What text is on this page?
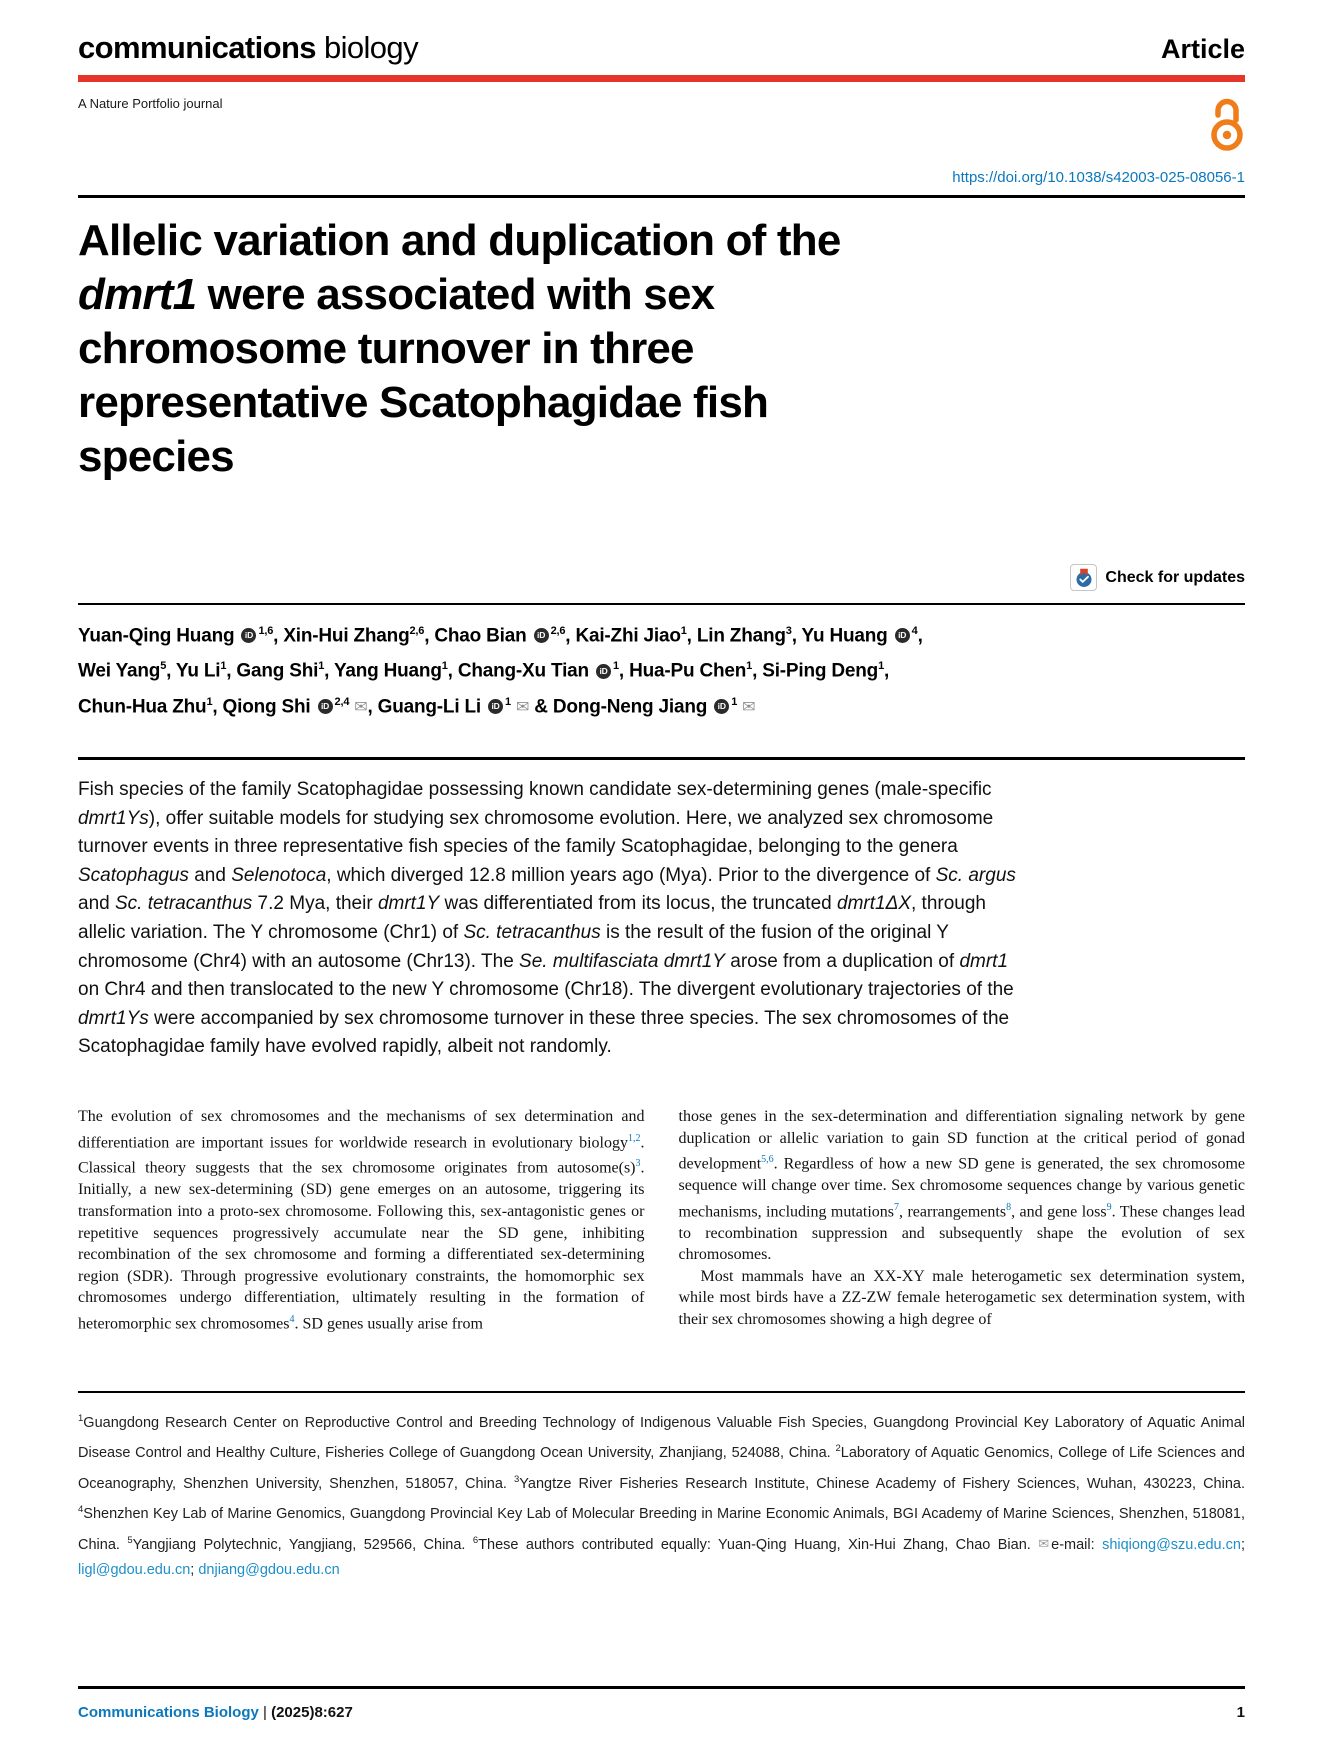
communications biology	Article
A Nature Portfolio journal
https://doi.org/10.1038/s42003-025-08056-1
Allelic variation and duplication of the
dmrt1 were associated with sex
chromosome turnover in three
representative Scatophagidae fish
species
Check for updates
Yuan-Qing Huang iD $^{1,6}$, Xin-Hui Zhang$^{2,6}$, Chao Bian iD $^{2,6}$, Kai-Zhi Jiao$^1$, Lin Zhang$^3$, Yu Huang iD $^4$,
Wei Yang$^5$, Yu Li$^1$, Gang Shi$^1$, Yang Huang$^1$, Chang-Xu Tian iD $^1$, Hua-Pu Chen$^1$, Si-Ping Deng$^1$,
Chun-Hua Zhu$^1$, Qiong Shi iD $^{2,4}$ ✉, Guang-Li Li iD $^1$ ✉ & Dong-Neng Jiang iD $^1$ ✉

Fish species of the family Scatophagidae possessing known candidate sex-determining genes (male-specific dmrt1Ys), offer suitable models for studying sex chromosome evolution. Here, we analyzed sex chromosome turnover events in three representative fish species of the family Scatophagidae, belonging to the genera Scatophagus and Selenotoca, which diverged 12.8 million years ago (Mya). Prior to the divergence of Sc. argus and Sc. tetracanthus 7.2 Mya, their dmrt1Y was differentiated from its locus, the truncated dmrt1ΔX, through allelic variation. The Y chromosome (Chr1) of Sc. tetracanthus is the result of the fusion of the original Y chromosome (Chr4) with an autosome (Chr13). The Se. multifasciata dmrt1Y arose from a duplication of dmrt1 on Chr4 and then translocated to the new Y chromosome (Chr18). The divergent evolutionary trajectories of the dmrt1Ys were accompanied by sex chromosome turnover in these three species. The sex chromosomes of the Scatophagidae family have evolved rapidly, albeit not randomly.

The evolution of sex chromosomes and the mechanisms of sex determination and differentiation are important issues for worldwide research in evolutionary biology$^{1,2}$. Classical theory suggests that the sex chromosome originates from autosome(s)$^3$. Initially, a new sex-determining (SD) gene emerges on an autosome, triggering its transformation into a proto-sex chromosome. Following this, sex-antagonistic genes or repetitive sequences progressively accumulate near the SD gene, inhibiting recombination of the sex chromosome and forming a differentiated sex-determining region (SDR). Through progressive evolutionary constraints, the homomorphic sex chromosomes undergo differentiation, ultimately resulting in the formation of heteromorphic sex chromosomes$^4$. SD genes usually arise from

those genes in the sex-determination and differentiation signaling network by gene duplication or allelic variation to gain SD function at the critical period of gonad development$^{5,6}$. Regardless of how a new SD gene is generated, the sex chromosome sequence will change over time. Sex chromosome sequences change by various genetic mechanisms, including mutations$^7$, rearrangements$^8$, and gene loss$^9$. These changes lead to recombination suppression and subsequently shape the evolution of sex chromosomes.

Most mammals have an XX-XY male heterogametic sex determination system, while most birds have a ZZ-ZW female heterogametic sex determination system, with their sex chromosomes showing a high degree of

$^1$Guangdong Research Center on Reproductive Control and Breeding Technology of Indigenous Valuable Fish Species, Guangdong Provincial Key Laboratory of Aquatic Animal Disease Control and Healthy Culture, Fisheries College of Guangdong Ocean University, Zhanjiang, 524088, China. $^2$Laboratory of Aquatic Genomics, College of Life Sciences and Oceanography, Shenzhen University, Shenzhen, 518057, China. $^3$Yangtze River Fisheries Research Institute, Chinese Academy of Fishery Sciences, Wuhan, 430223, China. $^4$Shenzhen Key Lab of Marine Genomics, Guangdong Provincial Key Lab of Molecular Breeding in Marine Economic Animals, BGI Academy of Marine Sciences, Shenzhen, 518081, China. $^5$Yangjiang Polytechnic, Yangjiang, 529566, China. $^6$These authors contributed equally: Yuan-Qing Huang, Xin-Hui Zhang, Chao Bian. ✉ e-mail: shiqiong@szu.edu.cn; ligl@gdou.edu.cn; dnjiang@gdou.edu.cn

Communications Biology | (2025)8:627	1
